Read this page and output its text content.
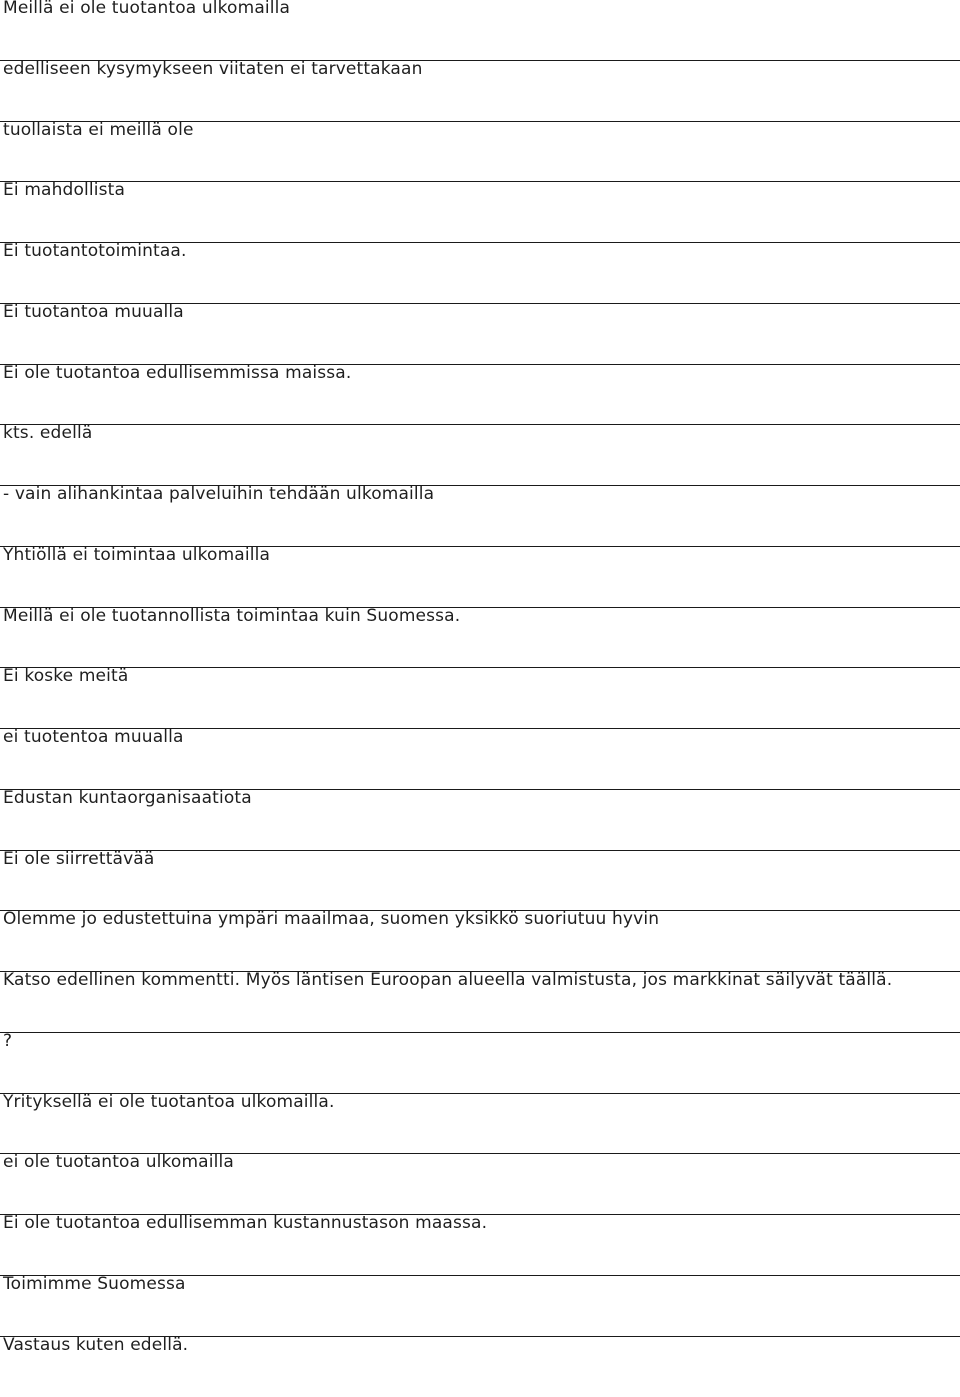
Meillä ei ole tuotantoa ulkomailla
edelliseen kysymykseen viitaten ei tarvettakaan
tuollaista ei meillä ole
Ei mahdollista
Ei tuotantotoimintaa.
Ei tuotantoa muualla
Ei ole tuotantoa edullisemmissa maissa.
kts. edellä
- vain alihankintaa palveluihin tehdään ulkomailla
Yhtiöllä ei toimintaa ulkomailla
Meillä ei ole tuotannollista toimintaa kuin Suomessa.
Ei koske meitä
ei tuotentoa muualla
Edustan kuntaorganisaatiota
Ei ole siirrettävää
Olemme jo edustettuina ympäri maailmaa, suomen yksikkö suoriutuu hyvin
Katso edellinen kommentti. Myös läntisen Euroopan alueella valmistusta, jos markkinat säilyvät täällä.
?
Yrityksellä ei ole tuotantoa ulkomailla.
ei ole tuotantoa ulkomailla
Ei ole tuotantoa edullisemman kustannustason maassa.
Toimimme Suomessa
Vastaus kuten edellä.
